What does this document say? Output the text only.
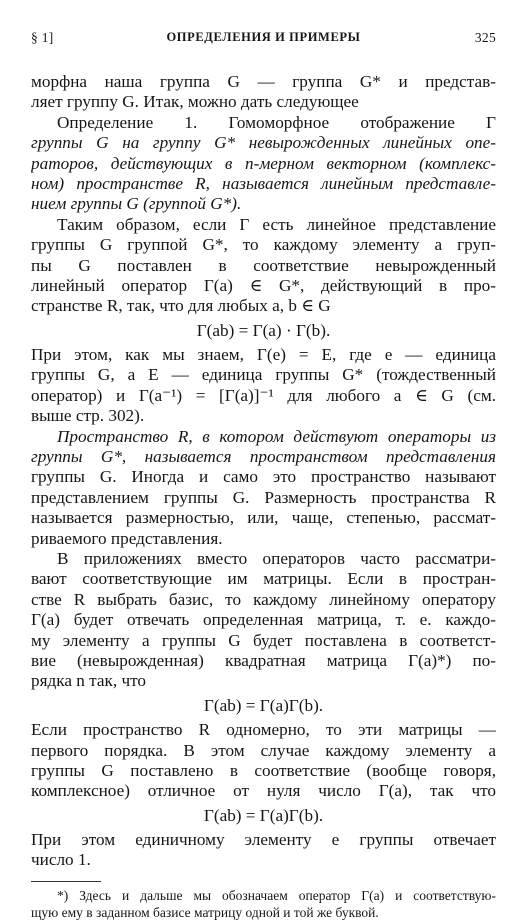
§ 1]	ОПРЕДЕЛЕНИЯ И ПРИМЕРЫ	325
морфна наша группа G — группа G* и представ-
ляет группу G. Итак, можно дать следующее
Определение 1. Гомоморфное отображение Γ
группы G на группу G* невырожденных линейных опе-
раторов, действующих в n-мерном векторном (комплекс-
ном) пространстве R, называется линейным представле-
нием группы G (группой G*).
Таким образом, если Γ есть линейное представление
группы G группой G*, то каждому элементу a груп-
пы G поставлен в соответствие невырожденный
линейный оператор Γ(a) ∈ G*, действующий в про-
странстве R, так, что для любых a, b ∈ G
Γ(ab) = Γ(a) · Γ(b).
При этом, как мы знаем, Γ(e) = E, где e — единица
группы G, а E — единица группы G* (тождественный
оператор) и Γ(a⁻¹) = [Γ(a)]⁻¹ для любого a ∈ G (см.
выше стр. 302).
Пространство R, в котором действуют операторы из
группы G*, называется пространством представления
группы G. Иногда и само это пространство называют
представлением группы G. Размерность пространства R
называется размерностью, или, чаще, степенью, рассмат-
риваемого представления.
В приложениях вместо операторов часто рассматри-
вают соответствующие им матрицы. Если в простран-
стве R выбрать базис, то каждому линейному оператору
Γ(a) будет отвечать определенная матрица, т. е. каждо-
му элементу a группы G будет поставлена в соответст-
вие (невырожденная) квадратная матрица Γ(a)*) по-
рядка n так, что
Γ(ab) = Γ(a)Γ(b).
Если пространство R одномерно, то эти матрицы —
первого порядка. В этом случае каждому элементу a
группы G поставлено в соответствие (вообще говоря,
комплексное) отличное от нуля число Γ(a), так что
Γ(ab) = Γ(a)Γ(b).
При этом единичному элементу e группы отвечает
число 1.
*) Здесь и дальше мы обозначаем оператор Γ(a) и соответствую-
щую ему в заданном базисе матрицу одной и той же буквой.
